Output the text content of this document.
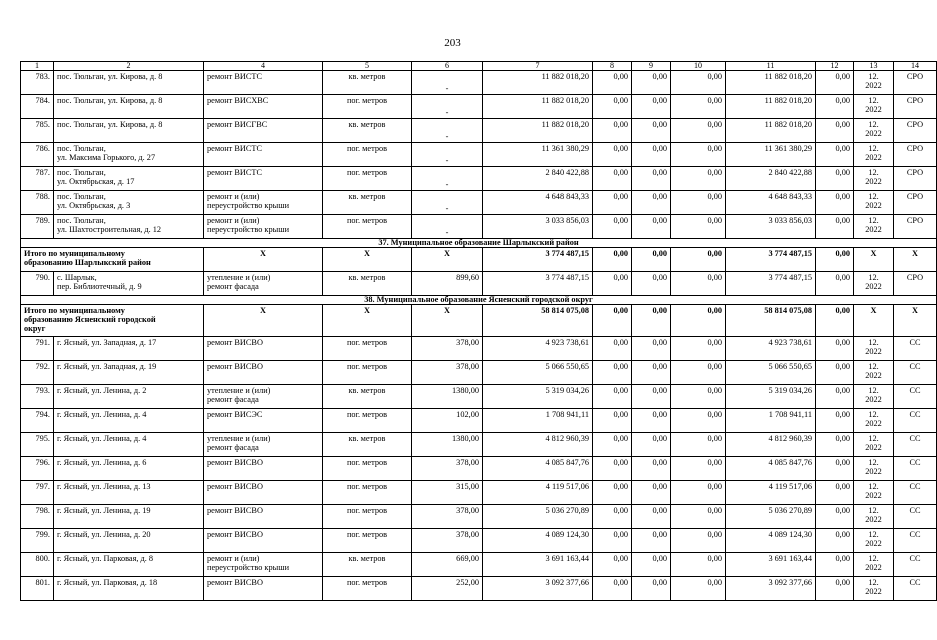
203
1	2	4	5	6	7	8	9	10	11	12	13	14
783.	пос. Тюльган, ул. Кирова, д. 8	ремонт ВИСТС	кв. метров	-	11 882 018,20	0,00	0,00	0,00	11 882 018,20	0,00	12.
2022	СРО
784.	пос. Тюльган, ул. Кирова, д. 8	ремонт ВИСХВС	пог. метров	-	11 882 018,20	0,00	0,00	0,00	11 882 018,20	0,00	12.
2022	СРО
785.	пос. Тюльган, ул. Кирова, д. 8	ремонт ВИСГВС	кв. метров	-	11 882 018,20	0,00	0,00	0,00	11 882 018,20	0,00	12.
2022	СРО
786.	пос. Тюльган,
ул. Максима Горького, д. 27	ремонт ВИСТС	пог. метров	-	11 361 380,29	0,00	0,00	0,00	11 361 380,29	0,00	12.
2022	СРО
787.	пос. Тюльган,
ул. Октябрьская, д. 17	ремонт ВИСТС	пог. метров	-	2 840 422,88	0,00	0,00	0,00	2 840 422,88	0,00	12.
2022	СРО
788.	пос. Тюльган,
ул. Октябрьская, д. 3	ремонт и (или)
переустройство крыши	кв. метров	-	4 648 843,33	0,00	0,00	0,00	4 648 843,33	0,00	12.
2022	СРО
789.	пос. Тюльган,
ул. Шахтостроительная, д. 12	ремонт и (или)
переустройство крыши	пог. метров	-	3 033 856,03	0,00	0,00	0,00	3 033 856,03	0,00	12.
2022	СРО
37. Муниципальное образование Шарлыкский район												
Итого по муниципальному
образованию Шарлыкский район		Х	Х	Х	3 774 487,15	0,00	0,00	0,00	3 774 487,15	0,00	Х	Х
790.	с. Шарлык,
пер. Библиотечный, д. 9	утепление и (или)
ремонт фасада	кв. метров	899,60	3 774 487,15	0,00	0,00	0,00	3 774 487,15	0,00	12.
2022	СРО
38. Муниципальное образование Ясненский городской округ												
Итого по муниципальному
образованию Ясненский городской
округ		Х	Х	Х	58 814 075,08	0,00	0,00	0,00	58 814 075,08	0,00	Х	Х
791.	г. Ясный, ул. Западная, д. 17	ремонт ВИСВО	пог. метров	378,00	4 923 738,61	0,00	0,00	0,00	4 923 738,61	0,00	12.
2022	СС
792.	г. Ясный, ул. Западная, д. 19	ремонт ВИСВО	пог. метров	378,00	5 066 550,65	0,00	0,00	0,00	5 066 550,65	0,00	12.
2022	СС
793.	г. Ясный, ул. Ленина, д. 2	утепление и (или)
ремонт фасада	кв. метров	1380,00	5 319 034,26	0,00	0,00	0,00	5 319 034,26	0,00	12.
2022	СС
794.	г. Ясный, ул. Ленина, д. 4	ремонт ВИСЭС	пог. метров	102,00	1 708 941,11	0,00	0,00	0,00	1 708 941,11	0,00	12.
2022	СС
795.	г. Ясный, ул. Ленина, д. 4	утепление и (или)
ремонт фасада	кв. метров	1380,00	4 812 960,39	0,00	0,00	0,00	4 812 960,39	0,00	12.
2022	СС
796.	г. Ясный, ул. Ленина, д. 6	ремонт ВИСВО	пог. метров	378,00	4 085 847,76	0,00	0,00	0,00	4 085 847,76	0,00	12.
2022	СС
797.	г. Ясный, ул. Ленина, д. 13	ремонт ВИСВО	пог. метров	315,00	4 119 517,06	0,00	0,00	0,00	4 119 517,06	0,00	12.
2022	СС
798.	г. Ясный, ул. Ленина, д. 19	ремонт ВИСВО	пог. метров	378,00	5 036 270,89	0,00	0,00	0,00	5 036 270,89	0,00	12.
2022	СС
799.	г. Ясный, ул. Ленина, д. 20	ремонт ВИСВО	пог. метров	378,00	4 089 124,30	0,00	0,00	0,00	4 089 124,30	0,00	12.
2022	СС
800.	г. Ясный, ул. Парковая, д. 8	ремонт и (или)
переустройство крыши	кв. метров	669,00	3 691 163,44	0,00	0,00	0,00	3 691 163,44	0,00	12.
2022	СС
801.	г. Ясный, ул. Парковая, д. 18	ремонт ВИСВО	пог. метров	252,00	3 092 377,66	0,00	0,00	0,00	3 092 377,66	0,00	12.
2022	СС
